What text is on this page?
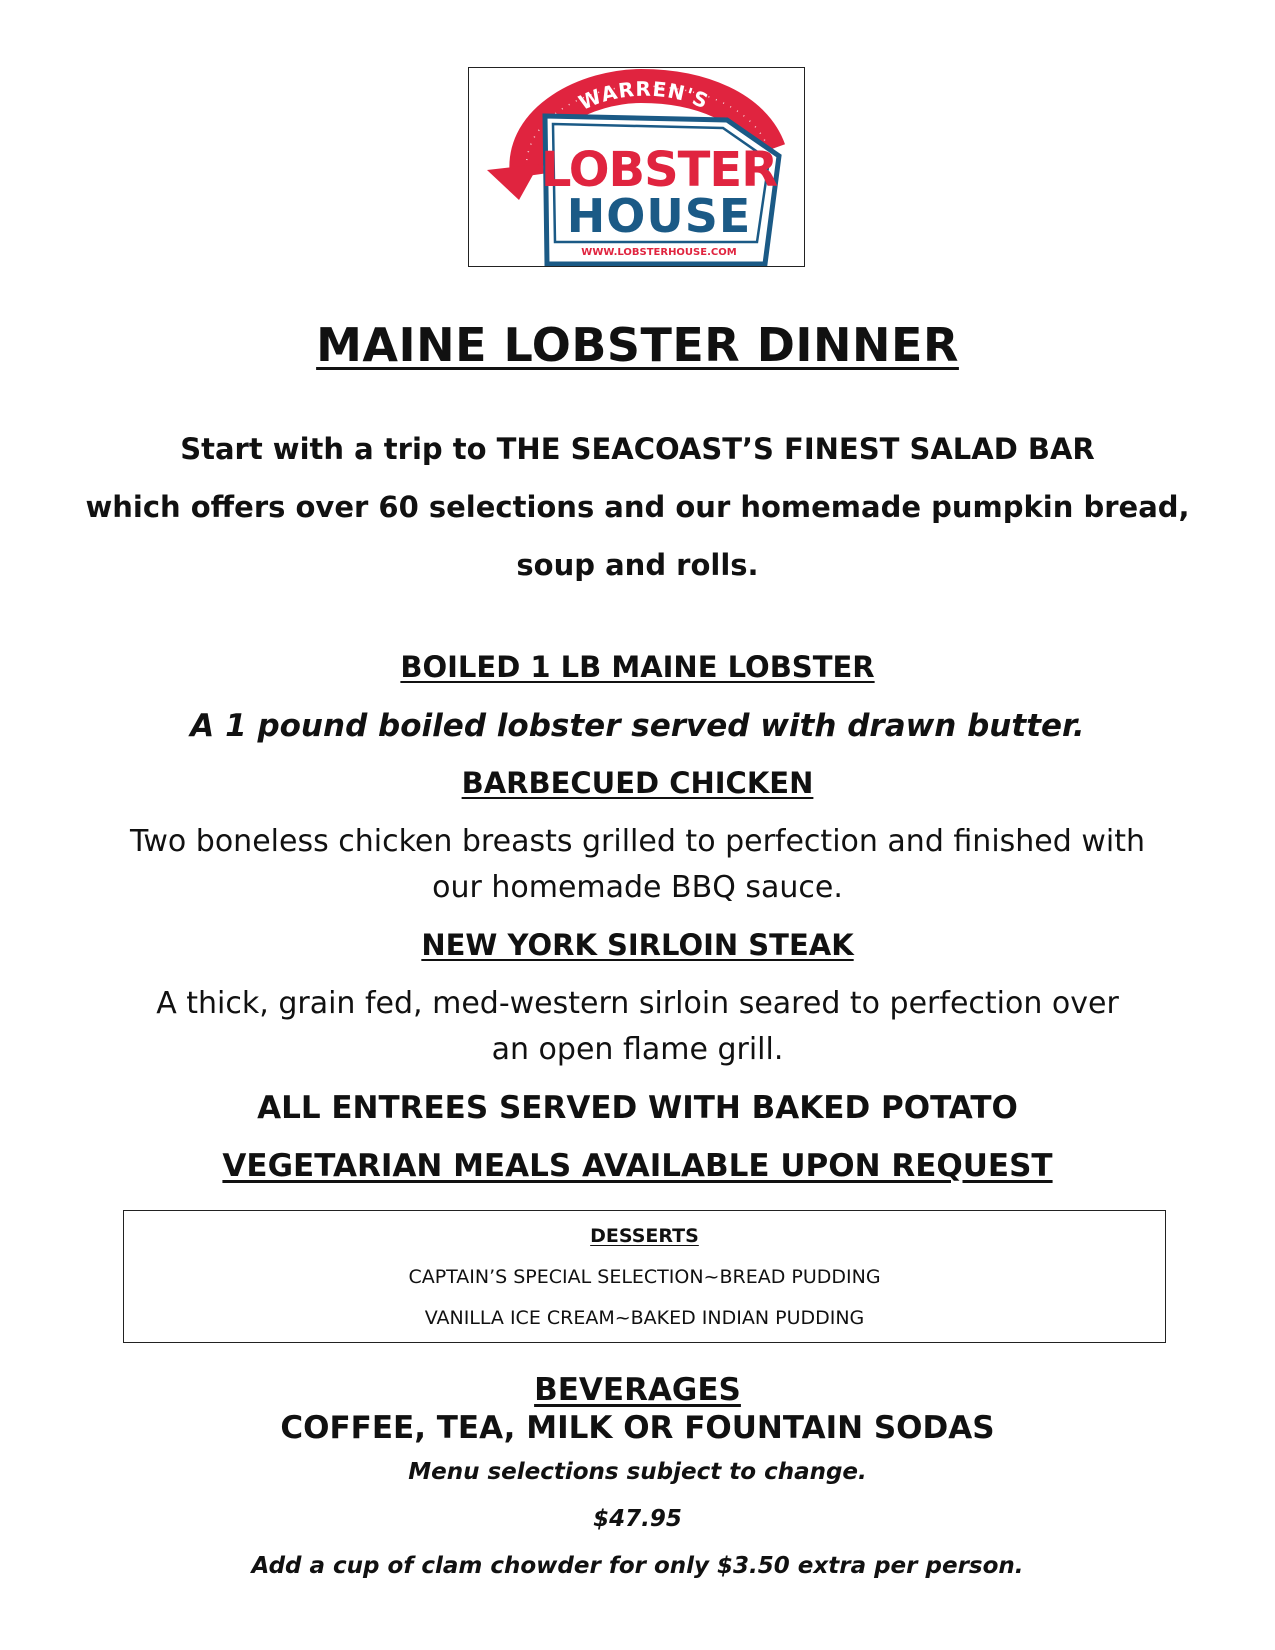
WARREN'S
LOBSTER
HOUSE
WWW.LOBSTERHOUSE.COM
MAINE LOBSTER DINNER
Start with a trip to THE SEACOAST’S FINEST SALAD BAR
which offers over 60 selections and our homemade pumpkin bread,
soup and rolls.
BOILED 1 LB MAINE LOBSTER
A 1 pound boiled lobster served with drawn butter.
BARBECUED CHICKEN
Two boneless chicken breasts grilled to perfection and finished with
our homemade BBQ sauce.
NEW YORK SIRLOIN STEAK
A thick, grain fed, med-western sirloin seared to perfection over
an open flame grill.
ALL ENTREES SERVED WITH BAKED POTATO
VEGETARIAN MEALS AVAILABLE UPON REQUEST
DESSERTS
CAPTAIN’S SPECIAL SELECTION~BREAD PUDDING
VANILLA ICE CREAM~BAKED INDIAN PUDDING
BEVERAGES
COFFEE, TEA, MILK OR FOUNTAIN SODAS
Menu selections subject to change.
$47.95
Add a cup of clam chowder for only $3.50 extra per person.
